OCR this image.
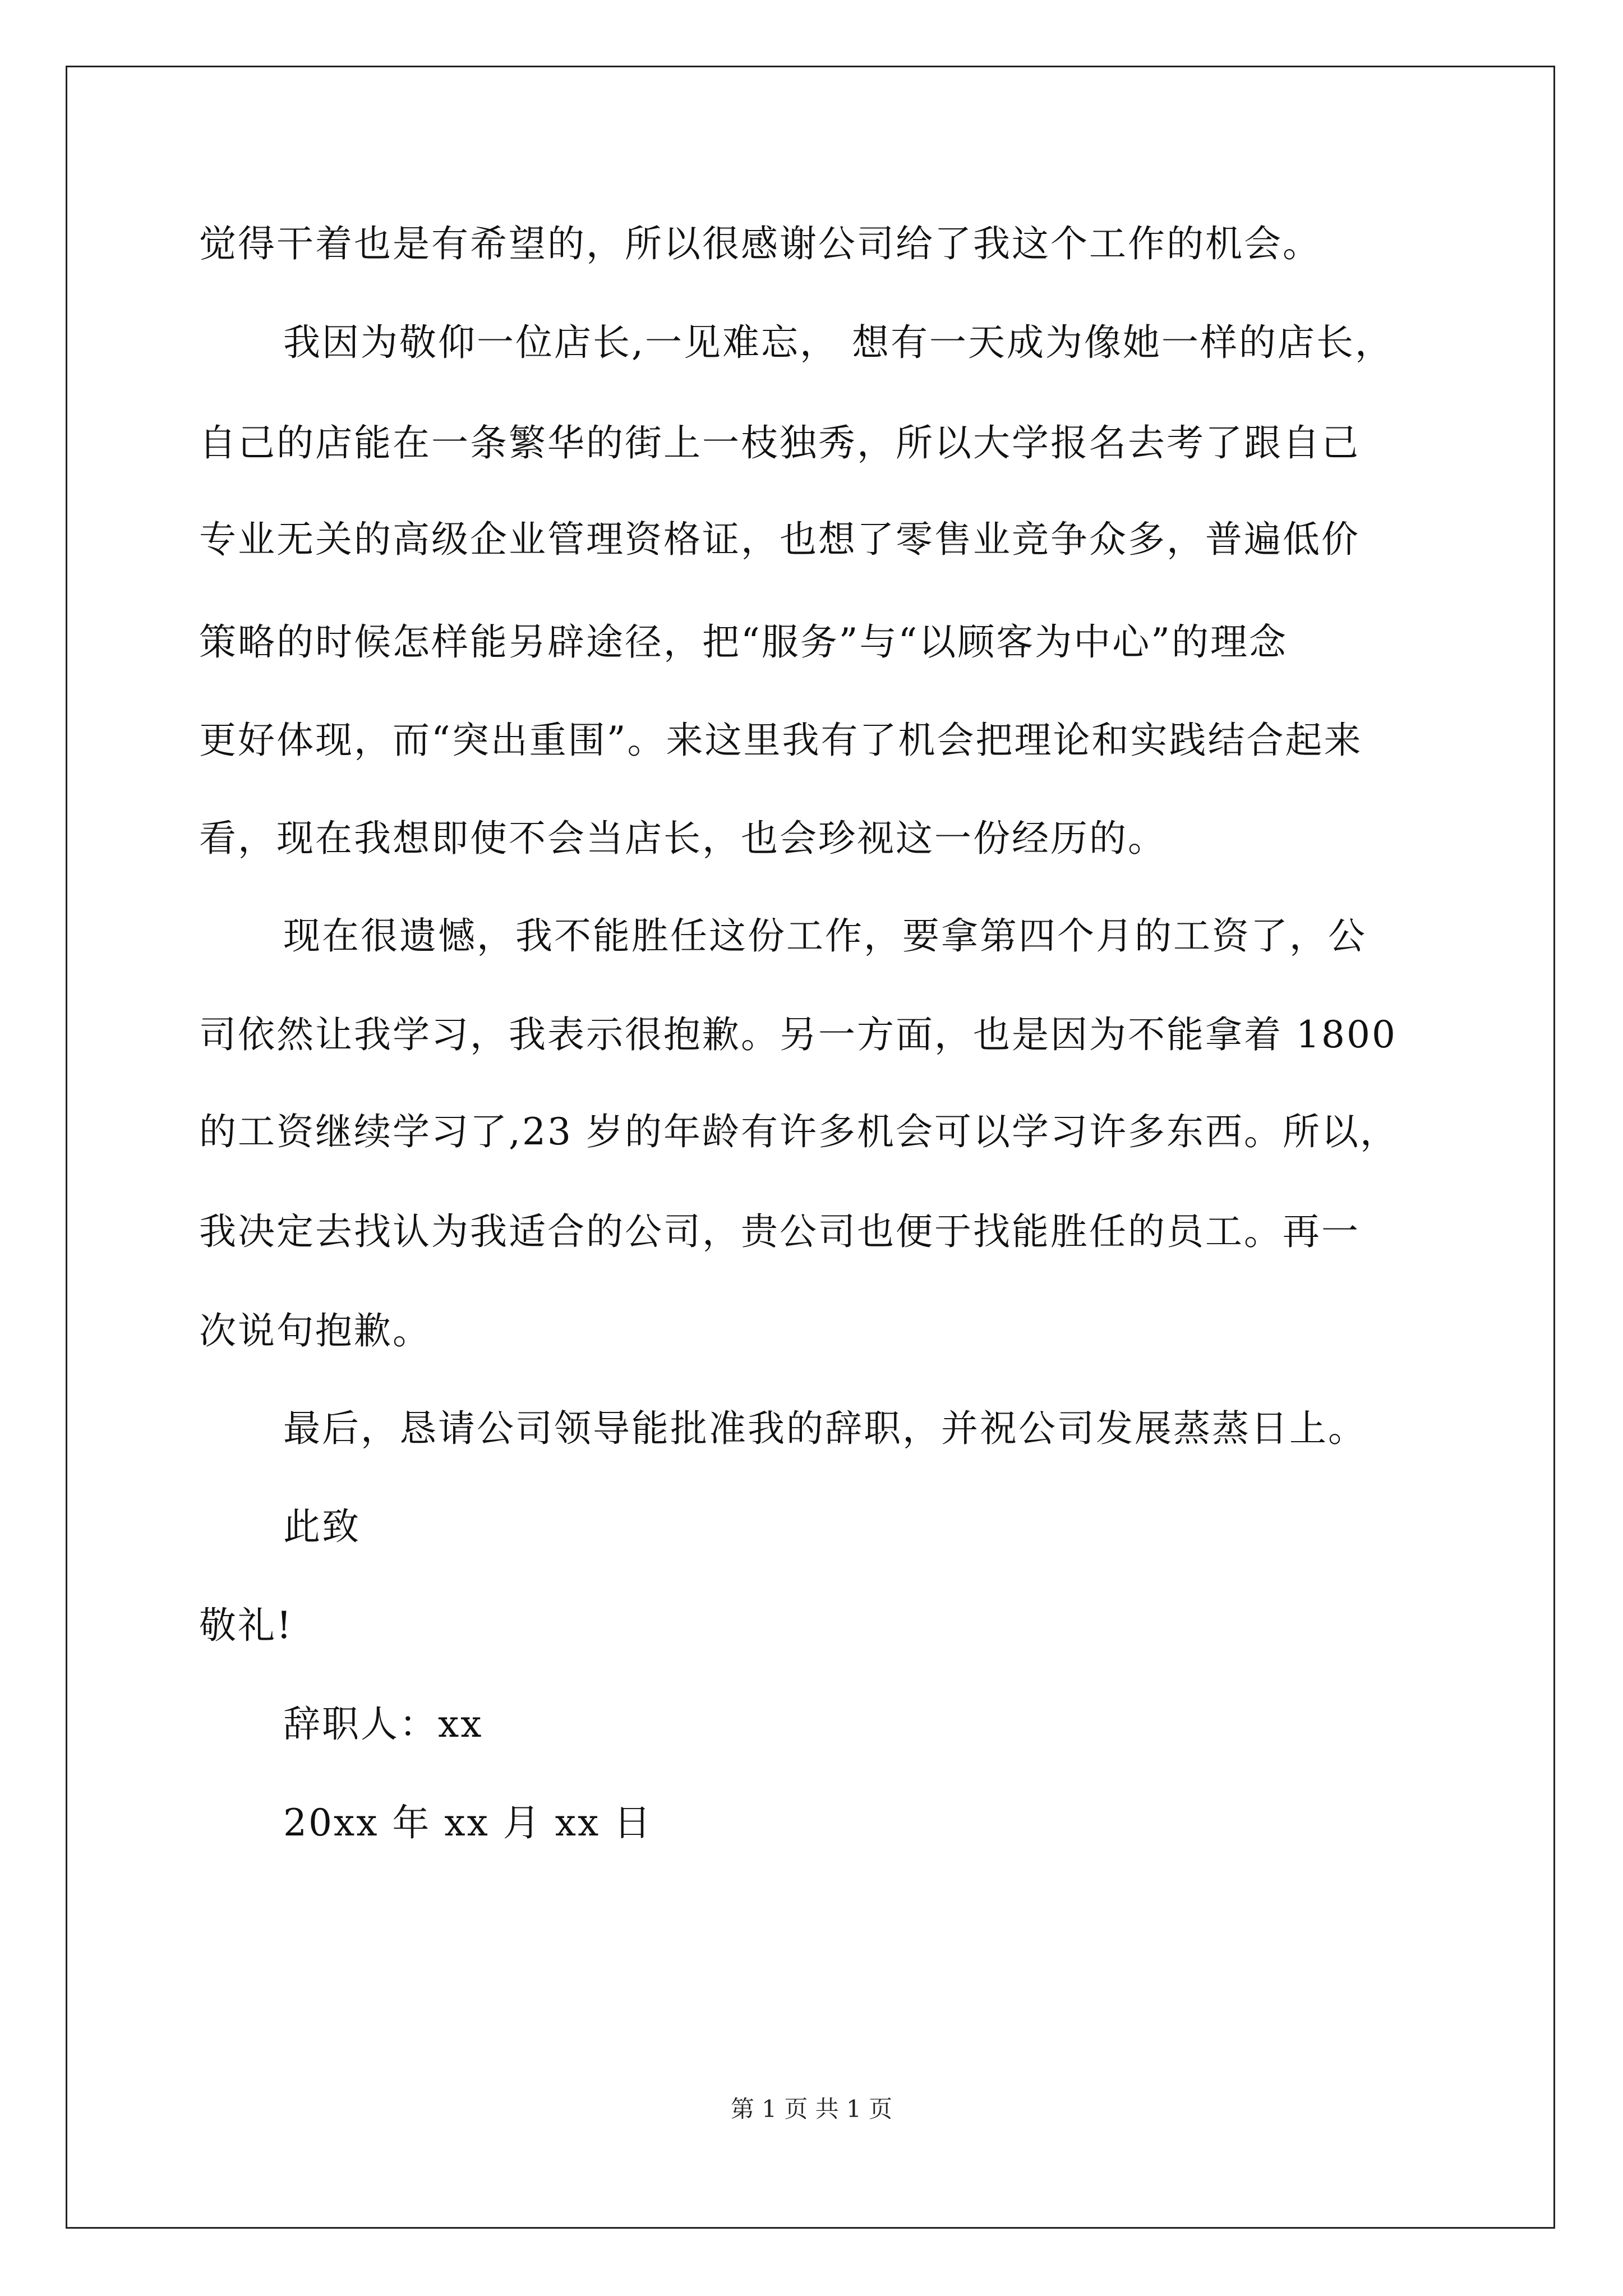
觉得干着也是有希望的，所以很感谢公司给了我这个工作的机会。
我因为敬仰一位店长,一见难忘， 想有一天成为像她一样的店长，
自己的店能在一条繁华的街上一枝独秀，所以大学报名去考了跟自己
专业无关的高级企业管理资格证，也想了零售业竞争众多，普遍低价
策略的时候怎样能另辟途径，把“服务”与“以顾客为中心”的理念
更好体现，而“突出重围”。来这里我有了机会把理论和实践结合起来
看，现在我想即使不会当店长，也会珍视这一份经历的。
现在很遗憾，我不能胜任这份工作，要拿第四个月的工资了，公
司依然让我学习，我表示很抱歉。另一方面，也是因为不能拿着 1800
的工资继续学习了,23 岁的年龄有许多机会可以学习许多东西。所以，
我决定去找认为我适合的公司，贵公司也便于找能胜任的员工。再一
次说句抱歉。
最后，恳请公司领导能批准我的辞职，并祝公司发展蒸蒸日上。
此致
敬礼!
辞职人：xx
20xx 年 xx 月 xx 日
第 1 页 共 1 页
